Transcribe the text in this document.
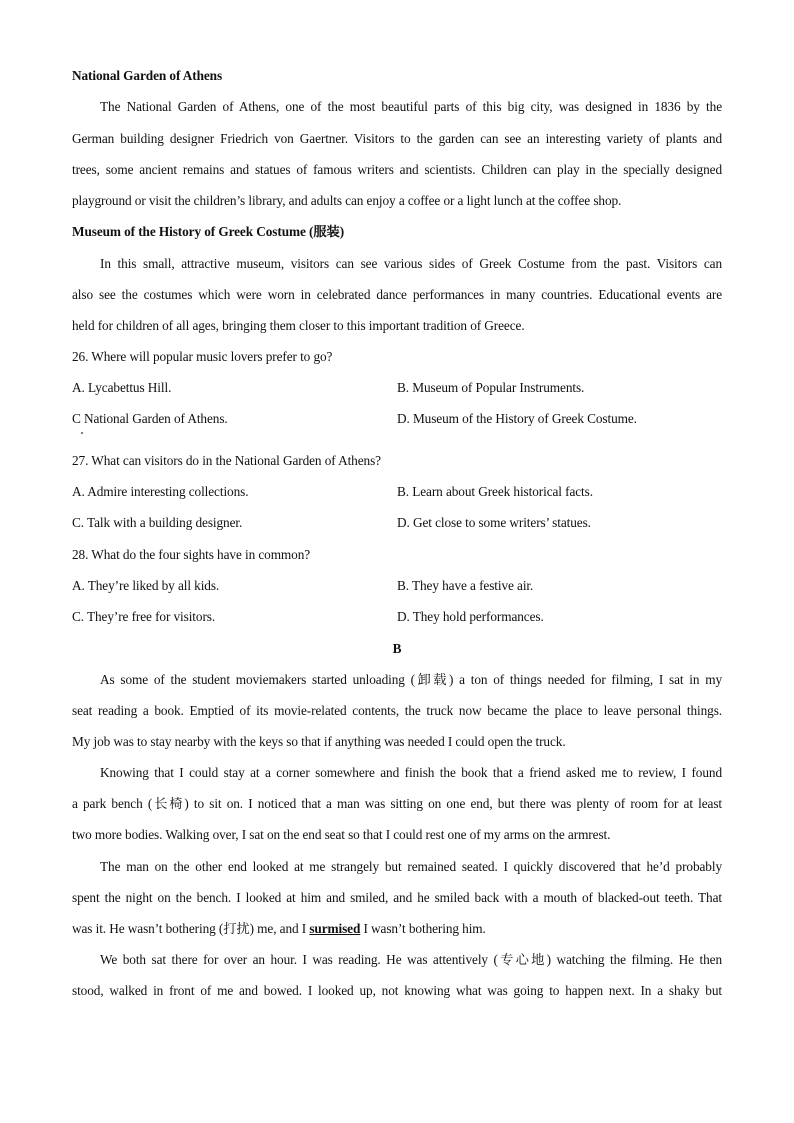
National Garden of Athens
The National Garden of Athens, one of the most beautiful parts of this big city, was designed in 1836 by the
German building designer Friedrich von Gaertner. Visitors to the garden can see an interesting variety of plants and
trees, some ancient remains and statues of famous writers and scientists. Children can play in the specially designed
playground or visit the children’s library, and adults can enjoy a coffee or a light lunch at the coffee shop.
Museum of the History of Greek Costume (服装)
In this small, attractive museum, visitors can see various sides of Greek Costume from the past. Visitors can
also see the costumes which were worn in celebrated dance performances in many countries. Educational events are
held for children of all ages, bringing them closer to this important tradition of Greece.
26. Where will popular music lovers prefer to go?
A. Lycabettus Hill.	B. Museum of Popular Instruments.
C National Garden of Athens.	D. Museum of the History of Greek Costume.
27. What can visitors do in the National Garden of Athens?
A. Admire interesting collections.	B. Learn about Greek historical facts.
C. Talk with a building designer.	D. Get close to some writers’ statues.
28. What do the four sights have in common?
A. They’re liked by all kids.	B. They have a festive air.
C. They’re free for visitors.	D. They hold performances.
B
As some of the student moviemakers started unloading (卸载) a ton of things needed for filming, I sat in my
seat reading a book. Emptied of its movie-related contents, the truck now became the place to leave personal things.
My job was to stay nearby with the keys so that if anything was needed I could open the truck.
Knowing that I could stay at a corner somewhere and finish the book that a friend asked me to review, I found
a park bench (长椅) to sit on. I noticed that a man was sitting on one end, but there was plenty of room for at least
two more bodies. Walking over, I sat on the end seat so that I could rest one of my arms on the armrest.
The man on the other end looked at me strangely but remained seated. I quickly discovered that he’d probably
spent the night on the bench. I looked at him and smiled, and he smiled back with a mouth of blacked-out teeth. That
was it. He wasn’t bothering (打扰) me, and I surmised I wasn’t bothering him.
We both sat there for over an hour. I was reading. He was attentively (专心地) watching the filming. He then
stood, walked in front of me and bowed. I looked up, not knowing what was going to happen next. In a shaky but
